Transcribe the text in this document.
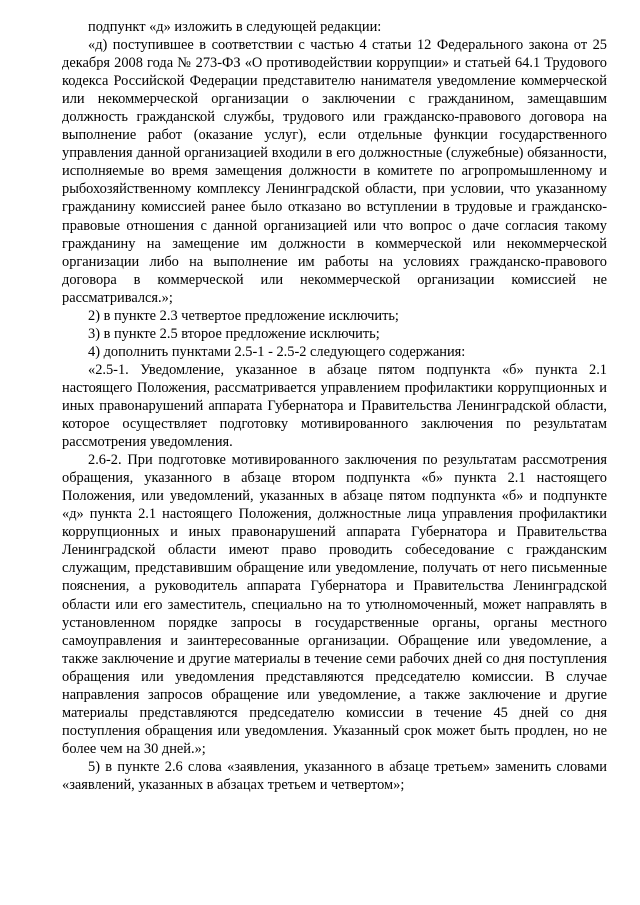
подпункт «д» изложить в следующей редакции:

«д) поступившее в соответствии с частью 4 статьи 12 Федерального закона от 25 декабря 2008 года № 273-ФЗ «О противодействии коррупции» и статьей 64.1 Трудового кодекса Российской Федерации представителю нанимателя уведомление коммерческой или некоммерческой организации о заключении с гражданином, замещавшим должность гражданской службы, трудового или гражданско-правового договора на выполнение работ (оказание услуг), если отдельные функции государственного управления данной организацией входили в его должностные (служебные) обязанности, исполняемые во время замещения должности в комитете по агропромышленному и рыбохозяйственному комплексу Ленинградской области, при условии, что указанному гражданину комиссией ранее было отказано во вступлении в трудовые и гражданско-правовые отношения с данной организацией или что вопрос о даче согласия такому гражданину на замещение им должности в коммерческой или некоммерческой организации либо на выполнение им работы на условиях гражданско-правового договора в коммерческой или некоммерческой организации комиссией не рассматривался.»;

2) в пункте 2.3 четвертое предложение исключить;

3) в пункте 2.5 второе предложение исключить;

4) дополнить пунктами 2.5-1 - 2.5-2 следующего содержания:

«2.5-1. Уведомление, указанное в абзаце пятом подпункта «б» пункта 2.1 настоящего Положения, рассматривается управлением профилактики коррупционных и иных правонарушений аппарата Губернатора и Правительства Ленинградской области, которое осуществляет подготовку мотивированного заключения по результатам рассмотрения уведомления.

2.6-2. При подготовке мотивированного заключения по результатам рассмотрения обращения, указанного в абзаце втором подпункта «б» пункта 2.1 настоящего Положения, или уведомлений, указанных в абзаце пятом подпункта «б» и подпункте «д» пункта 2.1 настоящего Положения, должностные лица управления профилактики коррупционных и иных правонарушений аппарата Губернатора и Правительства Ленинградской области имеют право проводить собеседование с гражданским служащим, представившим обращение или уведомление, получать от него письменные пояснения, а руководитель аппарата Губернатора и Правительства Ленинградской области или его заместитель, специально на то утюлномоченный, может направлять в установленном порядке запросы в государственные органы, органы местного самоуправления и заинтересованные организации. Обращение или уведомление, а также заключение и другие материалы в течение семи рабочих дней со дня поступления обращения или уведомления представляются председателю комиссии. В случае направления запросов обращение или уведомление, а также заключение и другие материалы представляются председателю комиссии в течение 45 дней со дня поступления обращения или уведомления. Указанный срок может быть продлен, но не более чем на 30 дней.»;

5) в пункте 2.6 слова «заявления, указанного в абзаце третьем» заменить словами «заявлений, указанных в абзацах третьем и четвертом»;
